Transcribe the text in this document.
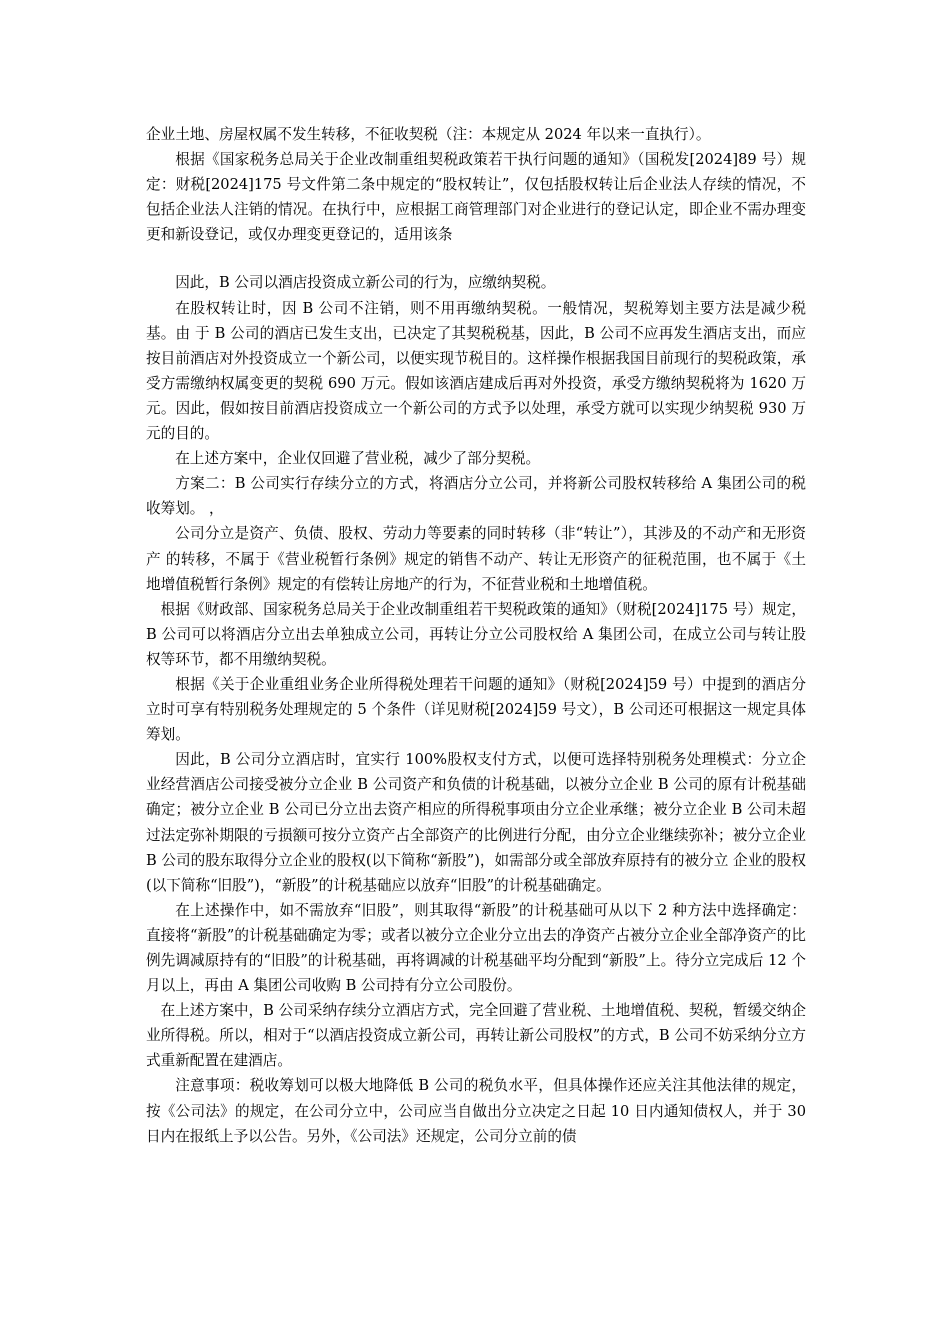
企业土地、房屋权属不发生转移，不征收契税（注：本规定从 2024 年以来一直执行）。

根据《国家税务总局关于企业改制重组契税政策若干执行问题的通知》（国税发[2024]89 号）规定：财税[2024]175 号文件第二条中规定的“股权转让”，仅包括股权转让后企业法人存续的情况，不包括企业法人注销的情况。在执行中，应根据工商管理部门对企业进行的登记认定，即企业不需办理变更和新设登记，或仅办理变更登记的，适用该条

因此，B 公司以酒店投资成立新公司的行为，应缴纳契税。

在股权转让时，因 B 公司不注销，则不用再缴纳契税。一般情况，契税筹划主要方法是减少税基。由 于 B 公司的酒店已发生支出，已决定了其契税税基，因此，B 公司不应再发生酒店支出，而应按目前酒店对外投资成立一个新公司，以便实现节税目的。这样操作根据我国目前现行的契税政策，承受方需缴纳权属变更的契税 690 万元。假如该酒店建成后再对外投资，承受方缴纳契税将为 1620 万元。因此，假如按目前酒店投资成立一个新公司的方式予以处理，承受方就可以实现少纳契税 930 万元的目的。

在上述方案中，企业仅回避了营业税，减少了部分契税。

方案二：B 公司实行存续分立的方式，将酒店分立公司，并将新公司股权转移给 A 集团公司的税收筹划。 ，

公司分立是资产、负债、股权、劳动力等要素的同时转移（非“转让”），其涉及的不动产和无形资产 的转移，不属于《营业税暂行条例》规定的销售不动产、转让无形资产的征税范围，也不属于《土地增值税暂行条例》规定的有偿转让房地产的行为，不征营业税和土地增值税。

根据《财政部、国家税务总局关于企业改制重组若干契税政策的通知》（财税[2024]175 号）规定，B 公司可以将酒店分立出去单独成立公司，再转让分立公司股权给 A 集团公司，在成立公司与转让股权等环节，都不用缴纳契税。

根据《关于企业重组业务企业所得税处理若干问题的通知》（财税[2024]59 号）中提到的酒店分立时可享有特别税务处理规定的 5 个条件（详见财税[2024]59 号文），B 公司还可根据这一规定具体筹划。

因此，B 公司分立酒店时，宜实行 100%股权支付方式，以便可选择特别税务处理模式：分立企业经营酒店公司接受被分立企业 B 公司资产和负债的计税基础，以被分立企业 B 公司的原有计税基础确定；被分立企业 B 公司已分立出去资产相应的所得税事项由分立企业承继；被分立企业 B 公司未超过法定弥补期限的亏损额可按分立资产占全部资产的比例进行分配，由分立企业继续弥补；被分立企业 B 公司的股东取得分立企业的股权(以下简称“新股”)，如需部分或全部放弃原持有的被分立 企业的股权(以下简称“旧股”)，“新股”的计税基础应以放弃“旧股”的计税基础确定。

在上述操作中，如不需放弃“旧股”，则其取得“新股”的计税基础可从以下 2 种方法中选择确定：直接将“新股”的计税基础确定为零；或者以被分立企业分立出去的净资产占被分立企业全部净资产的比例先调减原持有的“旧股”的计税基础，再将调减的计税基础平均分配到“新股”上。待分立完成后 12 个月以上，再由 A 集团公司收购 B 公司持有分立公司股份。

在上述方案中，B 公司采纳存续分立酒店方式，完全回避了营业税、土地增值税、契税，暂缓交纳企业所得税。所以，相对于“以酒店投资成立新公司，再转让新公司股权”的方式，B 公司不妨采纳分立方式重新配置在建酒店。

注意事项：税收筹划可以极大地降低 B 公司的税负水平，但具体操作还应关注其他法律的规定，按《公司法》的规定，在公司分立中，公司应当自做出分立决定之日起 10 日内通知债权人，并于 30 日内在报纸上予以公告。另外，《公司法》还规定，公司分立前的债
